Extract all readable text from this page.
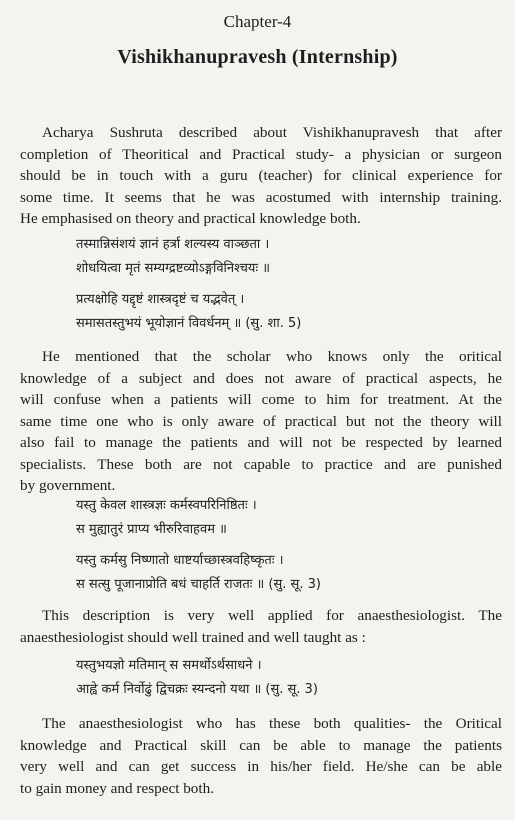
Chapter-4
Vishikhanupravesh (Internship)

Acharya Sushruta described about Vishikhanupravesh that after
completion of Theoritical and Practical study- a physician or surgeon
should be in touch with a guru (teacher) for clinical experience for
some time. It seems that he was acostumed with internship training.
He emphasised on theory and practical knowledge both.

तस्मान्निसंशयं ज्ञानं हर्त्रा शल्यस्य वाञ्छता ।
शोधयित्वा मृतं सम्यग्द्रष्टव्योऽङ्गविनिश्चयः ॥
प्रत्यक्षोहि यद्दृष्टं शास्त्रदृष्टं च यद्भवेत् ।
समासतस्तुभयं भूयोज्ञानं विवर्धनम् ॥ (सु. शा. 5)

He mentioned that the scholar who knows only the oritical
knowledge of a subject and does not aware of practical aspects, he
will confuse when a patients will come to him for treatment. At the
same time one who is only aware of practical but not the theory will
also fail to manage the patients and will not be respected by learned
specialists. These both are not capable to practice and are punished
by government.

यस्तु केवल शास्त्रज्ञः कर्मस्वपरिनिष्ठितः ।
स मुह्यातुरं प्राप्य भीरुरिवाहवम ॥
यस्तु कर्मसु निष्णातो धाष्टर्याच्छास्त्रवहिष्कृतः ।
स सत्सु पूजानाप्रोति बधं चाहर्ति राजतः ॥ (सु. सू. 3)

This description is very well applied for anaesthesiologist. The
anaesthesiologist should well trained and well taught as :

यस्तुभयज्ञो मतिमान् स समर्थोऽर्थसाधने ।
आह्वे कर्म निर्वोढुं द्विचक्रः स्यन्दनो यथा ॥ (सु. सू. 3)

The anaesthesiologist who has these both qualities- the Oritical
knowledge and Practical skill can be able to manage the patients
very well and can get success in his/her field. He/she can be able
to gain money and respect both.
